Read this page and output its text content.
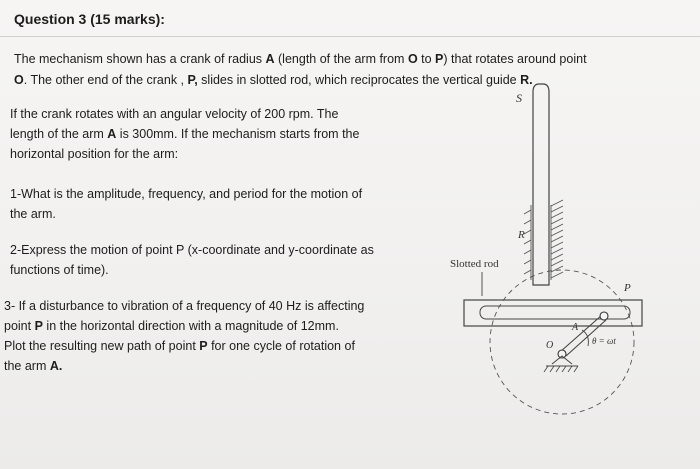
Question 3 (15 marks):
The mechanism shown has a crank of radius A (length of the arm from O to P) that rotates around point
O. The other end of the crank , P, slides in slotted rod, which reciprocates the vertical guide R.
If the crank rotates with an angular velocity of 200 rpm. The
length of the arm A is 300mm. If the mechanism starts from the
horizontal position for the arm:
1-What is the amplitude, frequency, and period for the motion of
the arm.
2-Express the motion of point P (x-coordinate and y-coordinate as
functions of time).
3- If a disturbance to vibration of a frequency of 40 Hz is affecting
point P in the horizontal direction with a magnitude of 12mm.
Plot the resulting new path of point P for one cycle of rotation of
the arm A.
S
R
Slotted rod
P
A
O	θ = ωt
